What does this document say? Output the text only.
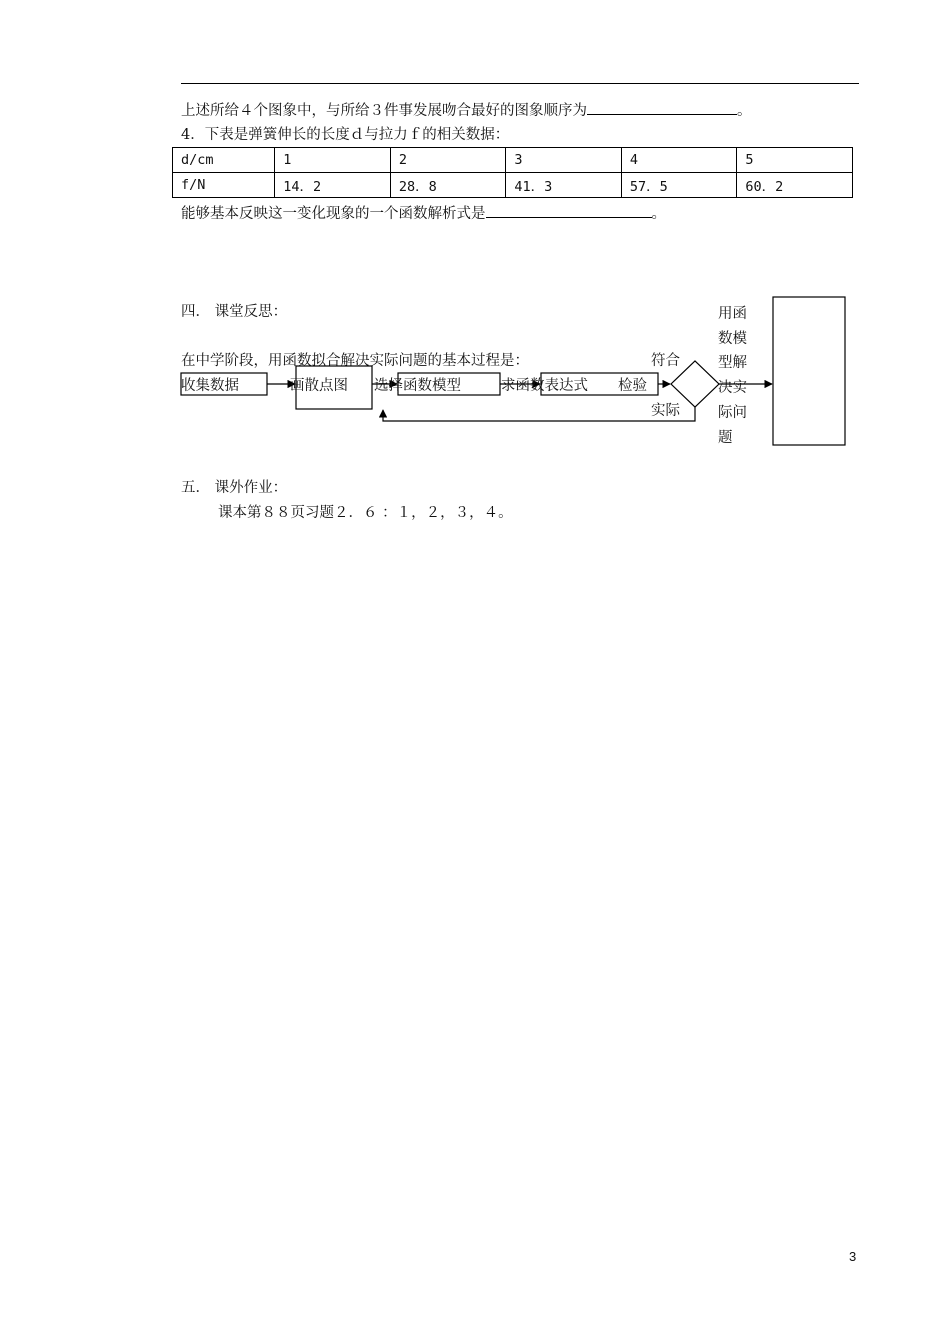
上述所给４个图象中，与所给３件事发展吻合最好的图象顺序为	。
4．下表是弹簧伸长的长度ｄ与拉力ｆ的相关数据：
d/cm	1	2	3	4	5
f/N	14．2	28．8	41．3	57．5	60．2
能够基本反映这一变化现象的一个函数解析式是	。
四． 课堂反思：
在中学阶段，用函数拟合解决实际问题的基本过程是：
收集数据	画散点图 选择函数模型	求函数表达式 检验
符合
实际
用函
数模
型解
决实
际问
题
五． 课外作业：
课本第８８页习题２．６ ：１，２，３，４。
3
